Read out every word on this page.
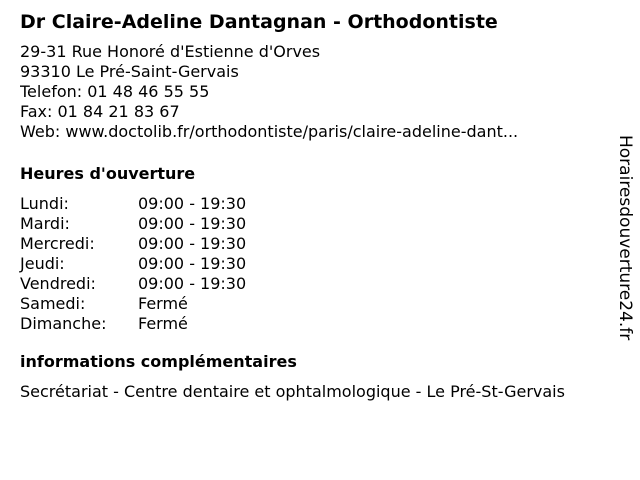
Dr Claire-Adeline Dantagnan - Orthodontiste
29-31 Rue Honoré d'Estienne d'Orves
93310 Le Pré-Saint-Gervais
Telefon: 01 48 46 55 55
Fax: 01 84 21 83 67
Web: www.doctolib.fr/orthodontiste/paris/claire-adeline-dant...
Heures d'ouverture
Lundi:	09:00 - 19:30
Mardi:	09:00 - 19:30
Mercredi:	09:00 - 19:30
Jeudi:	09:00 - 19:30
Vendredi:	09:00 - 19:30
Samedi:	Fermé
Dimanche:	Fermé
informations complémentaires
Secrétariat - Centre dentaire et ophtalmologique - Le Pré-St-Gervais
Horairesdouverture24.fr
